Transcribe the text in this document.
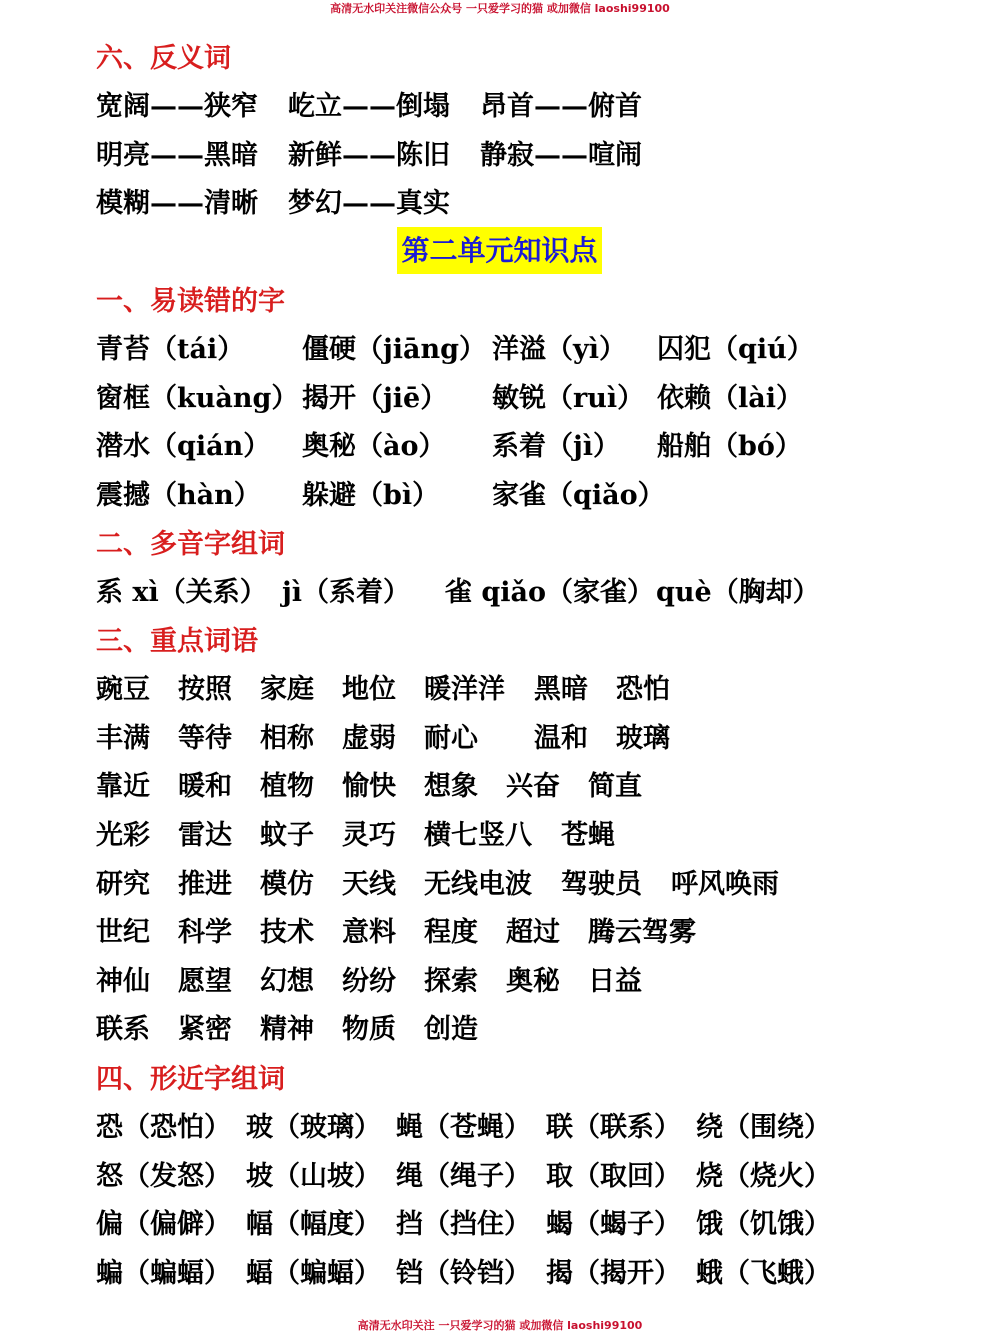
高清无水印关注微信公众号 一只爱学习的猫 或加微信 laoshi99100
六、反义词
宽阔——狭窄 屹立——倒塌 昂首——俯首
明亮——黑暗 新鲜——陈旧 静寂——喧闹
模糊——清晰 梦幻——真实
第二单元知识点
一、易读错的字
青苔（tái） 僵硬（jiāng） 洋溢（yì） 囚犯（qiú）
窗框（kuàng） 揭开（jiē） 敏锐（ruì） 依赖（lài）
潜水（qián） 奥秘（ào） 系着（jì） 船舶（bó）
震撼（hàn） 躲避（bì） 家雀（qiǎo）
二、多音字组词
系 xì（关系） jì（系着） 雀 qiǎo（家雀） què（胸却）
三、重点词语
豌豆 按照 家庭 地位 暖洋洋 黑暗 恐怕
丰满 等待 相称 虚弱 耐心 温和 玻璃
靠近 暖和 植物 愉快 想象 兴奋 简直
光彩 雷达 蚊子 灵巧 横七竖八 苍蝇
研究 推进 模仿 天线 无线电波 驾驶员 呼风唤雨
世纪 科学 技术 意料 程度 超过 腾云驾雾
神仙 愿望 幻想 纷纷 探索 奥秘 日益
联系 紧密 精神 物质 创造
四、形近字组词
恐（恐怕） 玻（玻璃） 蝇（苍蝇） 联（联系） 绕（围绕）
怒（发怒） 坡（山坡） 绳（绳子） 取（取回） 烧（烧火）
偏（偏僻） 幅（幅度） 挡（挡住） 蝎（蝎子） 饿（饥饿）
蝙（蝙蝠） 蝠（蝙蝠） 铛（铃铛） 揭（揭开） 蛾（飞蛾）
高清无水印关注 一只爱学习的猫 或加微信 laoshi99100
